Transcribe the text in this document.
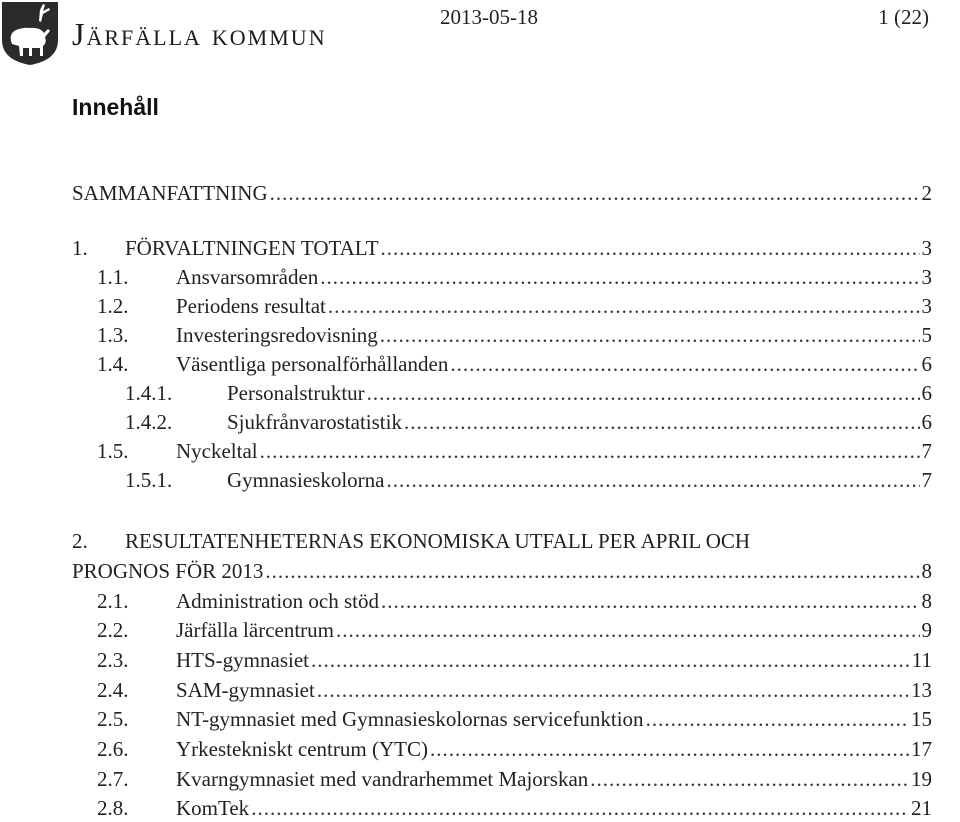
Järfälla kommun	2013-05-18	1 (22)
Innehåll
SAMMANFATTNING .....	2
1. FÖRVALTNINGEN TOTALT .....	3
1.1. Ansvarsområden .....	3
1.2. Periodens resultat .....	3
1.3. Investeringsredovisning .....	5
1.4. Väsentliga personalförhållanden .....	6
1.4.1.	Personalstruktur .....	6
1.4.2.	Sjukfrånvarostatistik .....	6
1.5. Nyckeltal .....	7
1.5.1.	Gymnasieskolorna .....	7
2. RESULTATENHETERNAS EKONOMISKA UTFALL PER APRIL OCH
PROGNOS FÖR 2013 .....	8
2.1. Administration och stöd .....	8
2.2. Järfälla lärcentrum .....	9
2.3. HTS-gymnasiet .....	11
2.4. SAM-gymnasiet .....	13
2.5. NT-gymnasiet med Gymnasieskolornas servicefunktion .....	15
2.6. Yrkestekniskt centrum (YTC) .....	17
2.7. Kvarngymnasiet med vandrarhemmet Majorskan .....	19
2.8. KomTek .....	21
